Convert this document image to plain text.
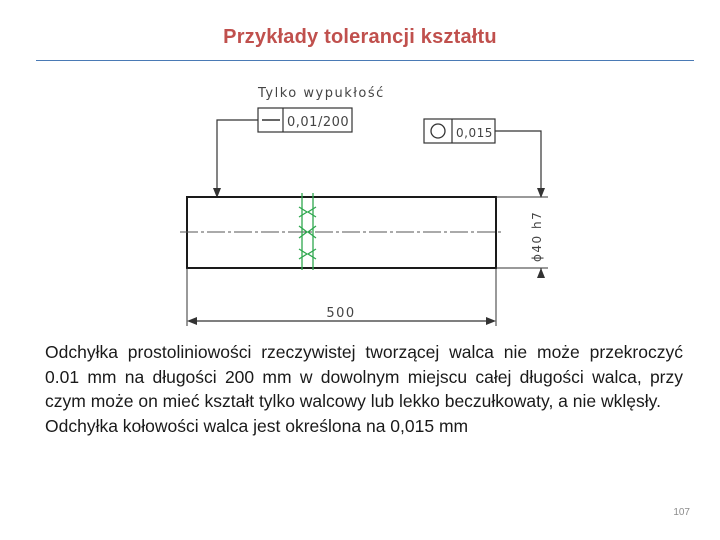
Przykłady tolerancji kształtu
Tylko wypukłość
0,01/200
0,015
ϕ40 h7
500
Odchyłka prostoliniowości rzeczywistej tworzącej walca nie może przekroczyć 0.01 mm na długości 200 mm w dowolnym miejscu całej długości walca, przy czym może on mieć kształt tylko walcowy lub lekko beczułkowaty, a nie wklęsły.
Odchyłka kołowości walca jest określona na 0,015 mm
107
